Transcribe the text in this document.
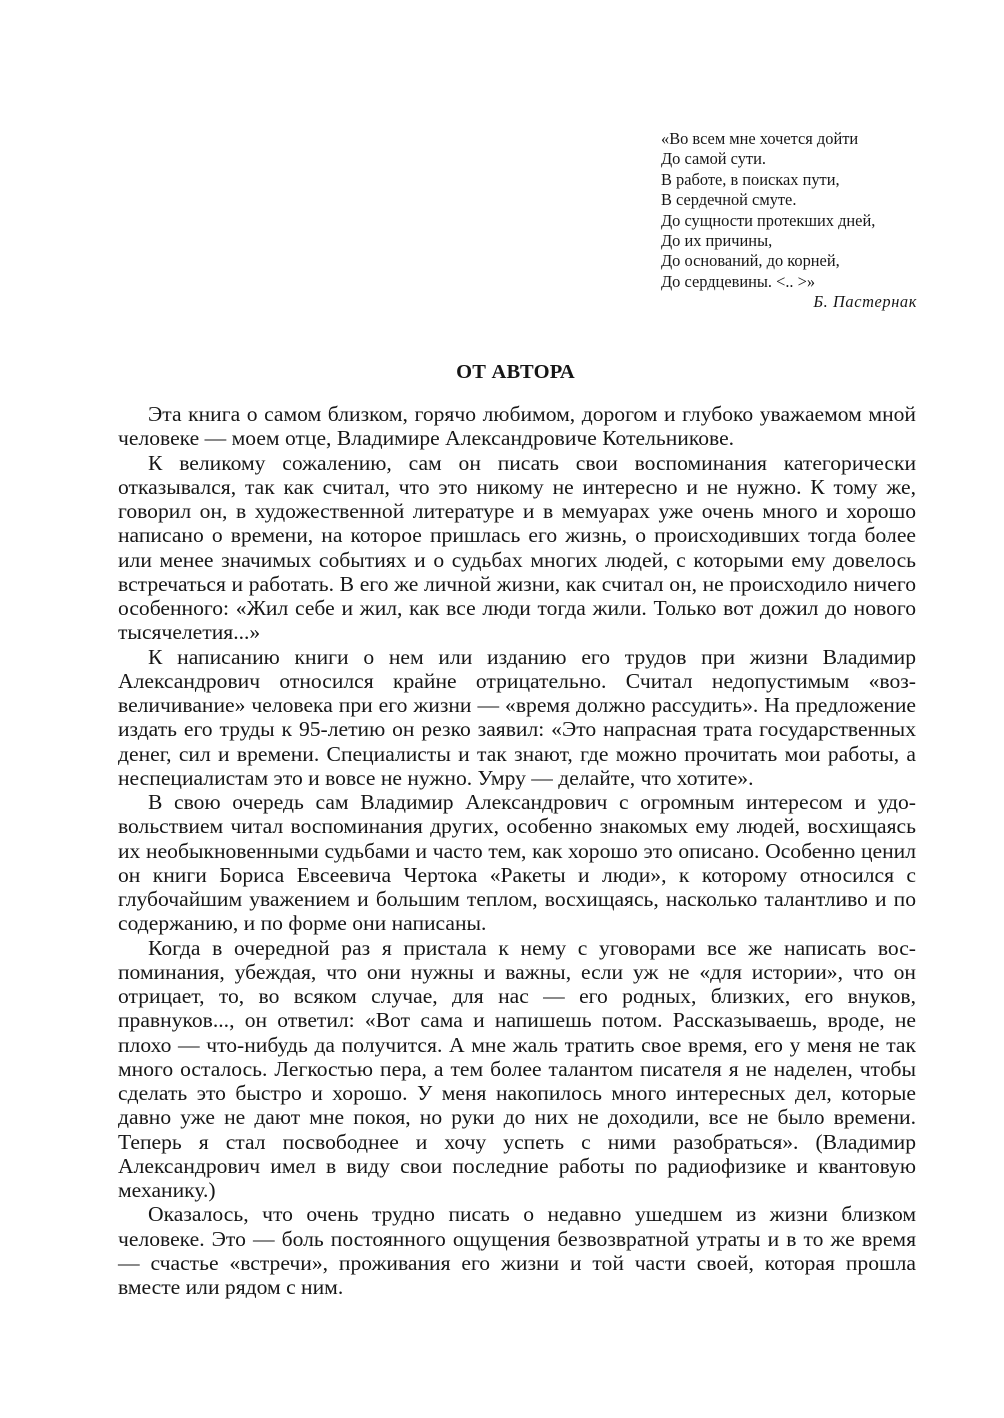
«Во всем мне хочется дойти
До самой сути.
В работе, в поисках пути,
В сердечной смуте.
До сущности протекших дней,
До их причины,
До оснований, до корней,
До сердцевины. <.. >»
Б. Пастернак
ОТ АВТОРА

Эта книга о самом близком, горячо любимом, дорогом и глубоко уважаемом мной человеке — моем отце, Владимире Александровиче Котельникове.

К великому сожалению, сам он писать свои воспоминания категорически отказывался, так как считал, что это никому не интересно и не нужно. К тому же, говорил он, в художественной литературе и в мемуарах уже очень много и хорошо написано о времени, на которое пришлась его жизнь, о происходивших тогда более или менее значимых событиях и о судьбах многих людей, с которыми ему довелось встречаться и работать. В его же личной жизни, как считал он, не происходило ничего особенного: «Жил себе и жил, как все люди тогда жили. Только вот дожил до нового тысячелетия...»

К написанию книги о нем или изданию его трудов при жизни Владимир Александрович относился крайне отрицательно. Считал недопустимым «возвеличивание» человека при его жизни — «время должно рассудить». На предложение издать его труды к 95-летию он резко заявил: «Это напрасная трата государственных денег, сил и времени. Специалисты и так знают, где можно прочитать мои работы, а неспециалистам это и вовсе не нужно. Умру — делайте, что хотите».

В свою очередь сам Владимир Александрович с огромным интересом и удовольствием читал воспоминания других, особенно знакомых ему людей, восхищаясь их необыкновенными судьбами и часто тем, как хорошо это описано. Особенно ценил он книги Бориса Евсеевича Чертока «Ракеты и люди», к которому относился с глубочайшим уважением и большим теплом, восхищаясь, насколько талантливо и по содержанию, и по форме они написаны.

Когда в очередной раз я пристала к нему с уговорами все же написать воспоминания, убеждая, что они нужны и важны, если уж не «для истории», что он отрицает, то, во всяком случае, для нас — его родных, близких, его внуков, правнуков..., он ответил: «Вот сама и напишешь потом. Рассказываешь, вроде, не плохо — что-нибудь да получится. А мне жаль тратить свое время, его у меня не так много осталось. Легкостью пера, а тем более талантом писателя я не наделен, чтобы сделать это быстро и хорошо. У меня накопилось много интересных дел, которые давно уже не дают мне покоя, но руки до них не доходили, все не было времени. Теперь я стал посвободнее и хочу успеть с ними разобраться». (Владимир Александрович имел в виду свои последние работы по радиофизике и квантовую механику.)

Оказалось, что очень трудно писать о недавно ушедшем из жизни близком человеке. Это — боль постоянного ощущения безвозвратной утраты и в то же время — счастье «встречи», проживания его жизни и той части своей, которая прошла вместе или рядом с ним.
